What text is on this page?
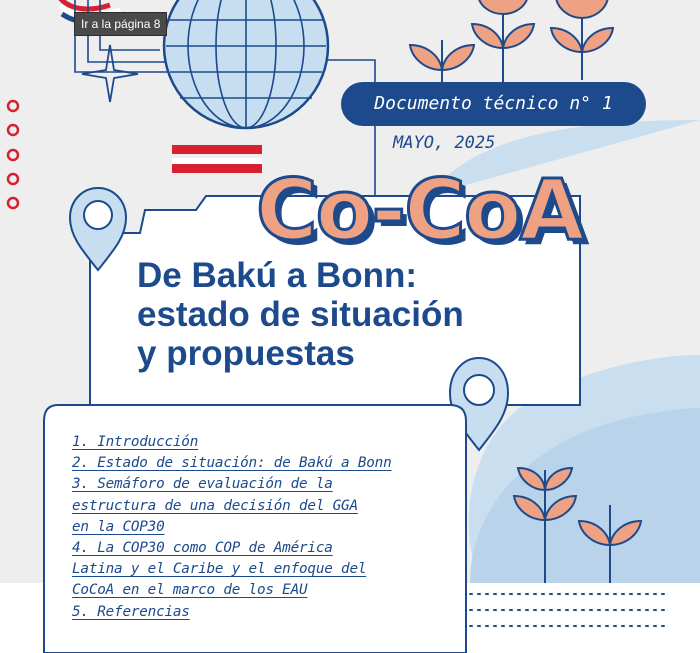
Ir a la página 8
Documento técnico n° 1
MAYO, 2025
Co-CoA
De Bakú a Bonn:
estado de situación
y propuestas
1. Introducción
2. Estado de situación: de Bakú a Bonn
3. Semáforo de evaluación de la
estructura de una decisión del GGA
en la COP30
4. La COP30 como COP de América
Latina y el Caribe y el enfoque del
CoCoA en el marco de los EAU
5. Referencias
